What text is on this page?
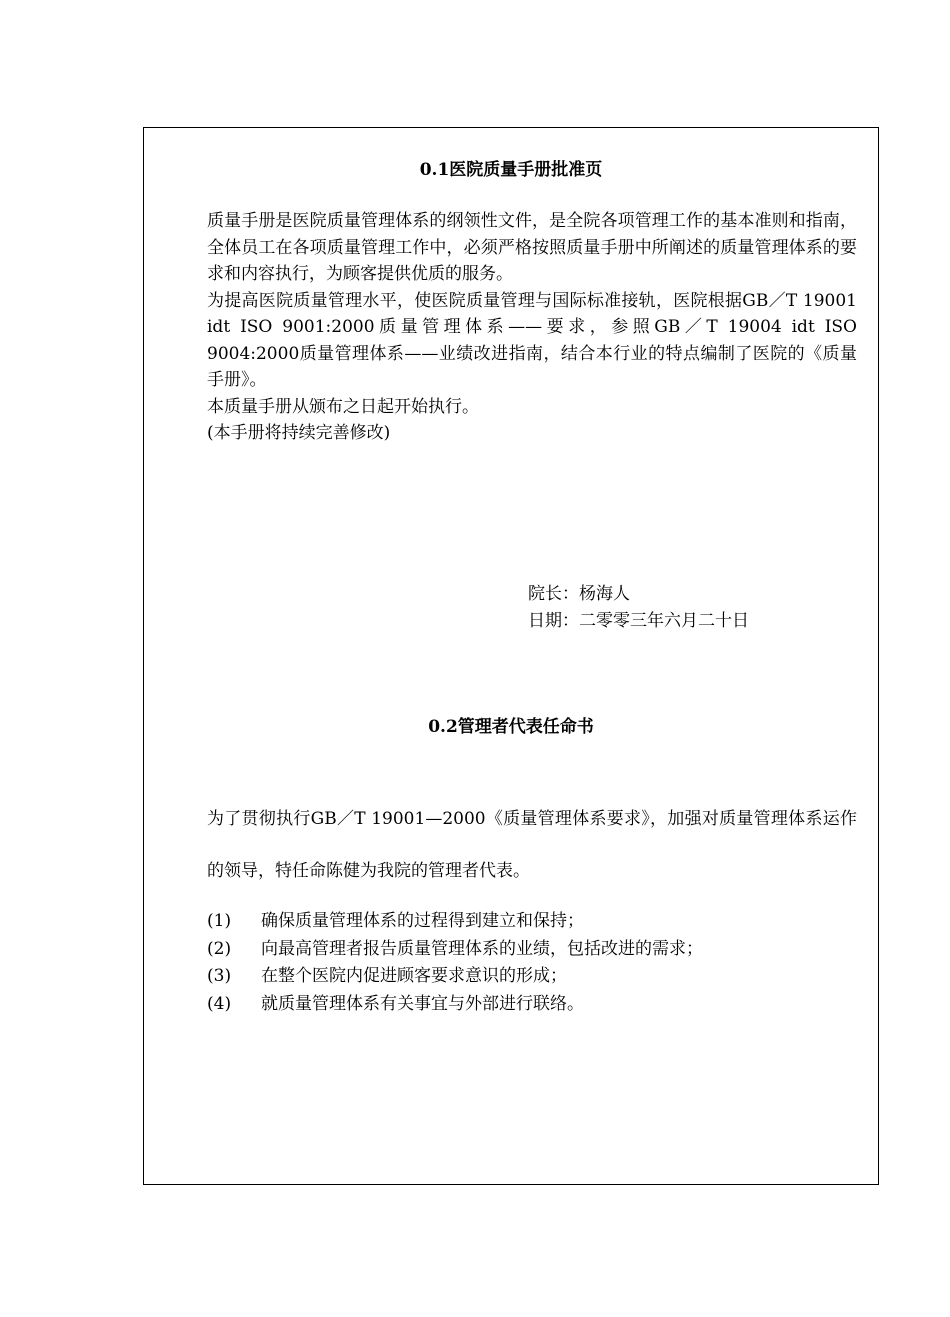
0.1医院质量手册批准页

质量手册是医院质量管理体系的纲领性文件，是全院各项管理工作的基本准则和指南，全体员工在各项质量管理工作中，必须严格按照质量手册中所阐述的质量管理体系的要求和内容执行，为顾客提供优质的服务。

为提高医院质量管理水平，使医院质量管理与国际标准接轨，医院根据GB／T 19001 idt ISO 9001:2000质量管理体系——要求，参照GB／T 19004 idt ISO 9004:2000质量管理体系——业绩改进指南，结合本行业的特点编制了医院的《质量手册》。

本质量手册从颁布之日起开始执行。

(本手册将持续完善修改)

院长：杨海人
日期：二零零三年六月二十日
0.2管理者代表任命书

为了贯彻执行GB／T 19001—2000《质量管理体系要求》，加强对质量管理体系运作的领导，特任命陈健为我院的管理者代表。

(1)	确保质量管理体系的过程得到建立和保持；
(2)	向最高管理者报告质量管理体系的业绩，包括改进的需求；
(3)	在整个医院内促进顾客要求意识的形成；
(4)	就质量管理体系有关事宜与外部进行联络。
